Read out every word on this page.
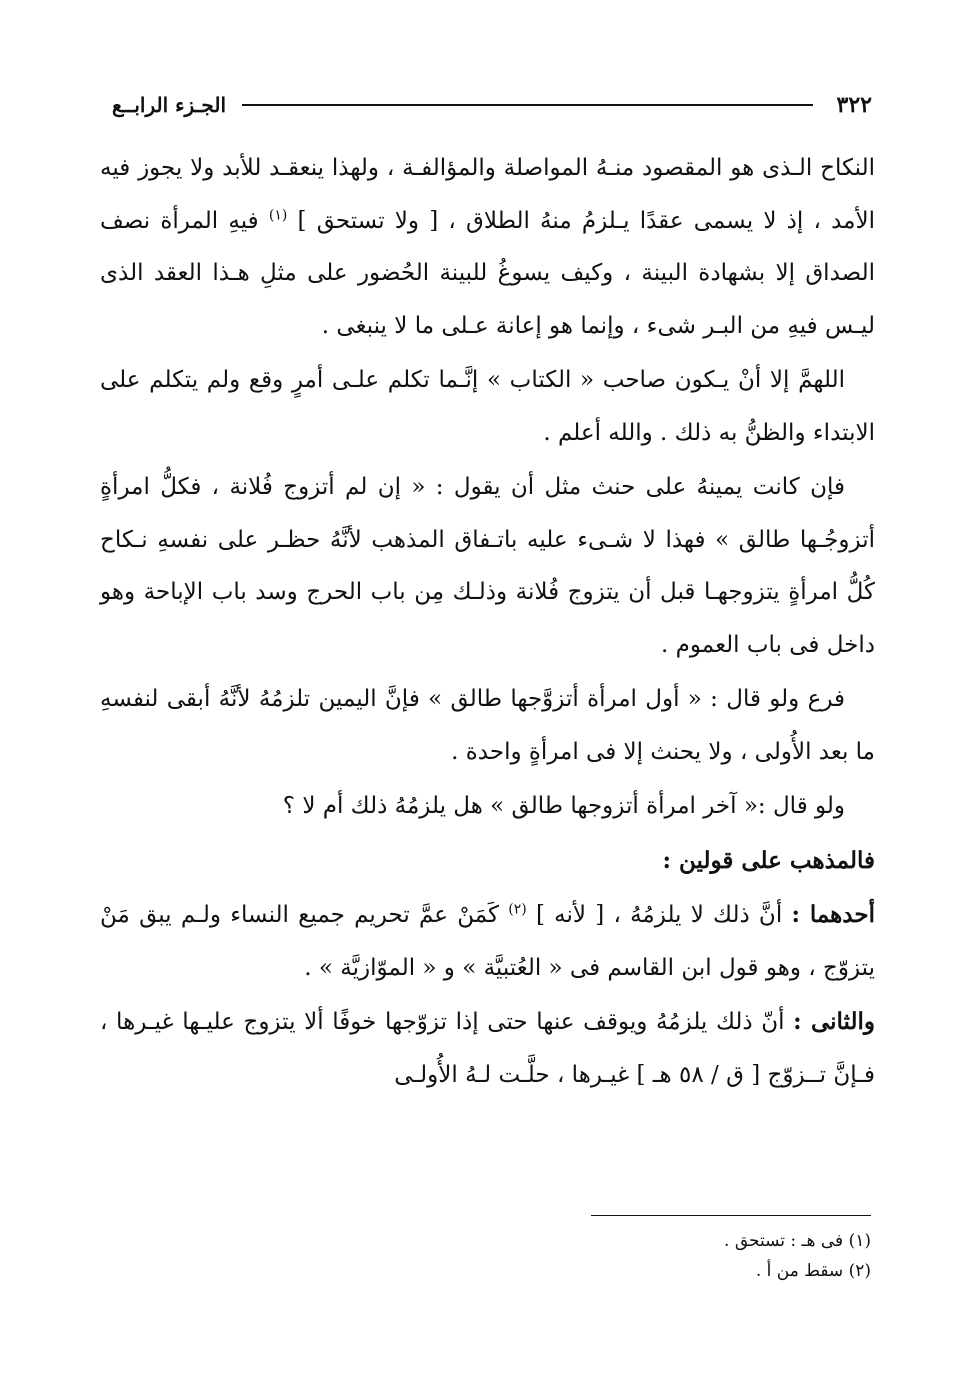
٣٢٢
الجـزء الرابــع

النكاح الـذى هو المقصود منـهُ المواصلة والمؤالفـة ، ولهذا ينعقـد للأبد ولا يجوز فيه الأمد ، إذ لا يسمى عقدًا يـلزمُ منهُ الطلاق ، [ ولا تستحق ] $^{(١)}$ فيهِ المرأة نصف الصداق إلا بشهادة البينة ، وكيف يسوغُ للبينة الحُضور على مثلِ هـذا العقد الذى ليـس فيهِ من البـر شىء ، وإنما هو إعانة عـلى ما لا ينبغى .

اللهمَّ إلا أنْ يـكون صاحب « الكتاب » إنَّـما تكلم علـى أمرٍ وقع ولم يتكلم على الابتداء والظنُّ به ذلك . والله أعلم .

فإن كانت يمينهُ على حنث مثل أن يقول : « إن لم أتزوج فُلانة ، فكلُّ امرأةٍ أتزوجُـها طالق » فهذا لا شـىء عليه باتـفاق المذهب لأنَّهُ حظـر على نفسهِ نـكاح كُلُّ امرأةٍ يتزوجهـا قبل أن يتزوج فُلانة وذلـك مِن باب الحرج وسد باب الإباحة وهو داخل فى باب العموم .

فرع ولو قال : « أول امرأة أتزوَّجها طالق » فإنَّ اليمين تلزمُهُ لأنَّهُ أبقى لنفسهِ ما بعد الأُولى ، ولا يحنث إلا فى امرأةٍ واحدة .

ولو قال :« آخر امرأة أتزوجها طالق » هل يلزمُهُ ذلك أم لا ؟

فالمذهب على قولين :

أحدهما : أنَّ ذلك لا يلزمُهُ ، [ لأنه ] $^{(٢)}$ كَمَنْ عمَّ تحريم جميع النساء ولـم يبق مَنْ يتزوّج ، وهو قول ابن القاسم فى « العُتبيَّة » و « الموّازيَّة » .

والثانى : أنّ ذلك يلزمُهُ ويوقف عنها حتى إذا تزوّجها خوفًا ألا يتزوج عليـها غيـرها ، فـإنَّ تــزوّج [ ق / ٥٨ هـ ] غيـرها ، حلَّـت لـهُ الأُولـى

(١) فى هـ : تستحق .

(٢) سقط من أ .
